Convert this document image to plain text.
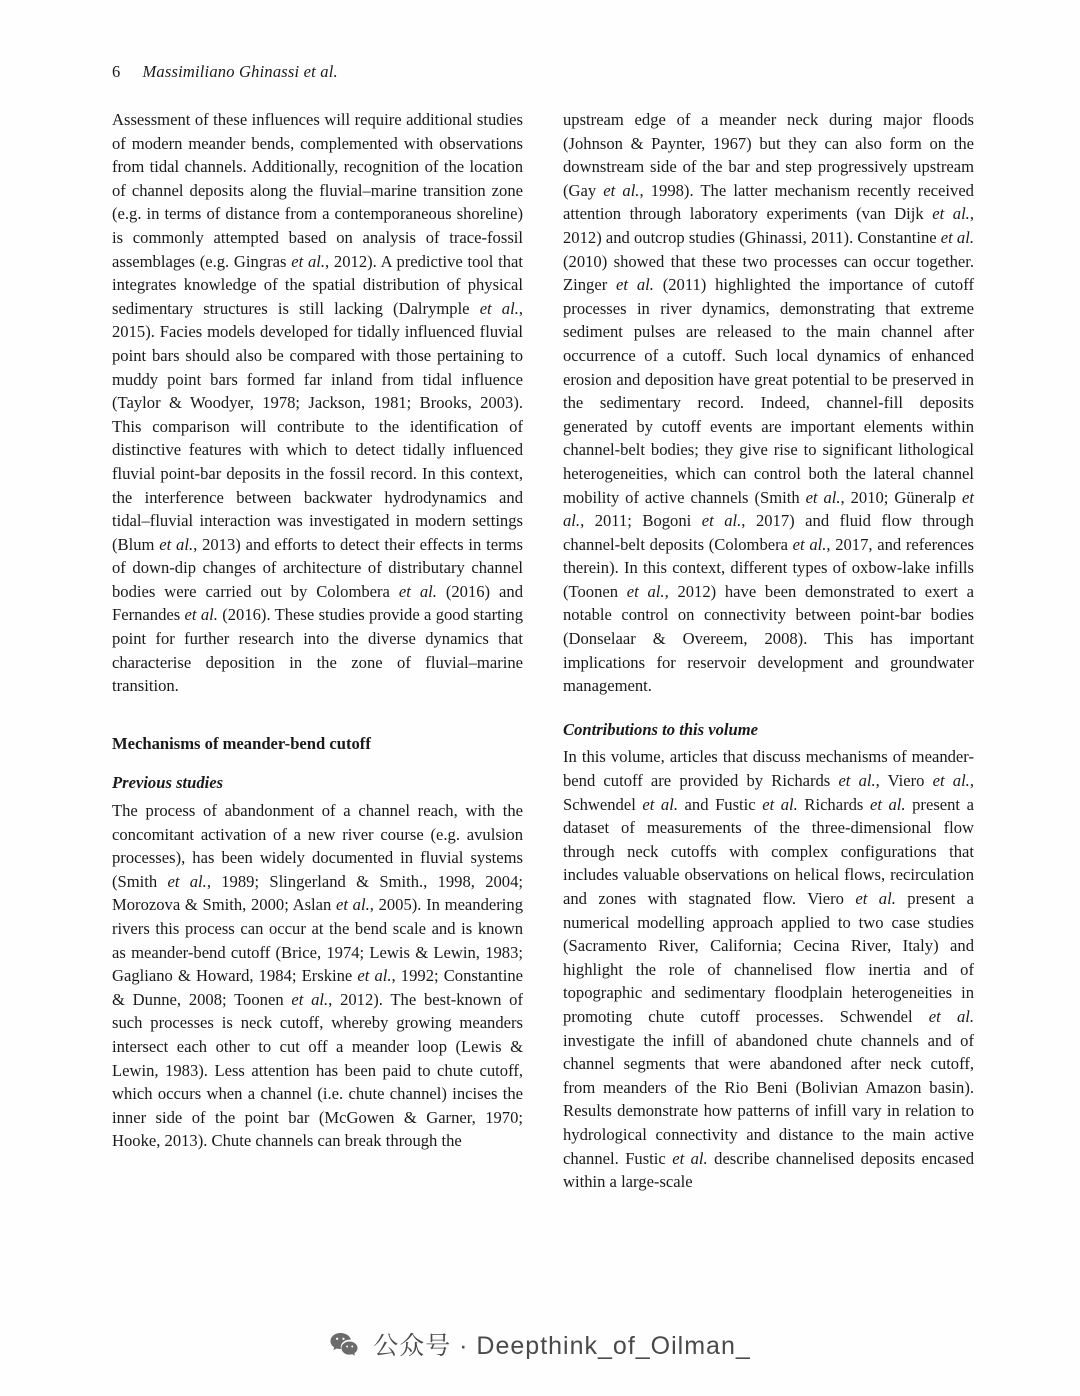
6 Massimiliano Ghinassi et al.

Assessment of these influences will require additional studies of modern meander bends, complemented with observations from tidal channels. Additionally, recognition of the location of channel deposits along the fluvial–marine transition zone (e.g. in terms of distance from a contemporaneous shoreline) is commonly attempted based on analysis of trace-fossil assemblages (e.g. Gingras et al., 2012). A predictive tool that integrates knowledge of the spatial distribution of physical sedimentary structures is still lacking (Dalrymple et al., 2015). Facies models developed for tidally influenced fluvial point bars should also be compared with those pertaining to muddy point bars formed far inland from tidal influence (Taylor & Woodyer, 1978; Jackson, 1981; Brooks, 2003). This comparison will contribute to the identification of distinctive features with which to detect tidally influenced fluvial point-bar deposits in the fossil record. In this context, the interference between backwater hydrodynamics and tidal–fluvial interaction was investigated in modern settings (Blum et al., 2013) and efforts to detect their effects in terms of down-dip changes of architecture of distributary channel bodies were carried out by Colombera et al. (2016) and Fernandes et al. (2016). These studies provide a good starting point for further research into the diverse dynamics that characterise deposition in the zone of fluvial–marine transition.

Mechanisms of meander-bend cutoff
Previous studies

The process of abandonment of a channel reach, with the concomitant activation of a new river course (e.g. avulsion processes), has been widely documented in fluvial systems (Smith et al., 1989; Slingerland & Smith., 1998, 2004; Morozova & Smith, 2000; Aslan et al., 2005). In meandering rivers this process can occur at the bend scale and is known as meander-bend cutoff (Brice, 1974; Lewis & Lewin, 1983; Gagliano & Howard, 1984; Erskine et al., 1992; Constantine & Dunne, 2008; Toonen et al., 2012). The best-known of such processes is neck cutoff, whereby growing meanders intersect each other to cut off a meander loop (Lewis & Lewin, 1983). Less attention has been paid to chute cutoff, which occurs when a channel (i.e. chute channel) incises the inner side of the point bar (McGowen & Garner, 1970; Hooke, 2013). Chute channels can break through the

upstream edge of a meander neck during major floods (Johnson & Paynter, 1967) but they can also form on the downstream side of the bar and step progressively upstream (Gay et al., 1998). The latter mechanism recently received attention through laboratory experiments (van Dijk et al., 2012) and outcrop studies (Ghinassi, 2011). Constantine et al. (2010) showed that these two processes can occur together. Zinger et al. (2011) highlighted the importance of cutoff processes in river dynamics, demonstrating that extreme sediment pulses are released to the main channel after occurrence of a cutoff. Such local dynamics of enhanced erosion and deposition have great potential to be preserved in the sedimentary record. Indeed, channel-fill deposits generated by cutoff events are important elements within channel-belt bodies; they give rise to significant lithological heterogeneities, which can control both the lateral channel mobility of active channels (Smith et al., 2010; Güneralp et al., 2011; Bogoni et al., 2017) and fluid flow through channel-belt deposits (Colombera et al., 2017, and references therein). In this context, different types of oxbow-lake infills (Toonen et al., 2012) have been demonstrated to exert a notable control on connectivity between point-bar bodies (Donselaar & Overeem, 2008). This has important implications for reservoir development and groundwater management.

Contributions to this volume

In this volume, articles that discuss mechanisms of meander-bend cutoff are provided by Richards et al., Viero et al., Schwendel et al. and Fustic et al. Richards et al. present a dataset of measurements of the three-dimensional flow through neck cutoffs with complex configurations that includes valuable observations on helical flows, recirculation and zones with stagnated flow. Viero et al. present a numerical modelling approach applied to two case studies (Sacramento River, California; Cecina River, Italy) and highlight the role of channelised flow inertia and of topographic and sedimentary floodplain heterogeneities in promoting chute cutoff processes. Schwendel et al. investigate the infill of abandoned chute channels and of channel segments that were abandoned after neck cutoff, from meanders of the Rio Beni (Bolivian Amazon basin). Results demonstrate how patterns of infill vary in relation to hydrological connectivity and distance to the main active channel. Fustic et al. describe channelised deposits encased within a large-scale

公众号 · Deepthink_of_Oilman_
